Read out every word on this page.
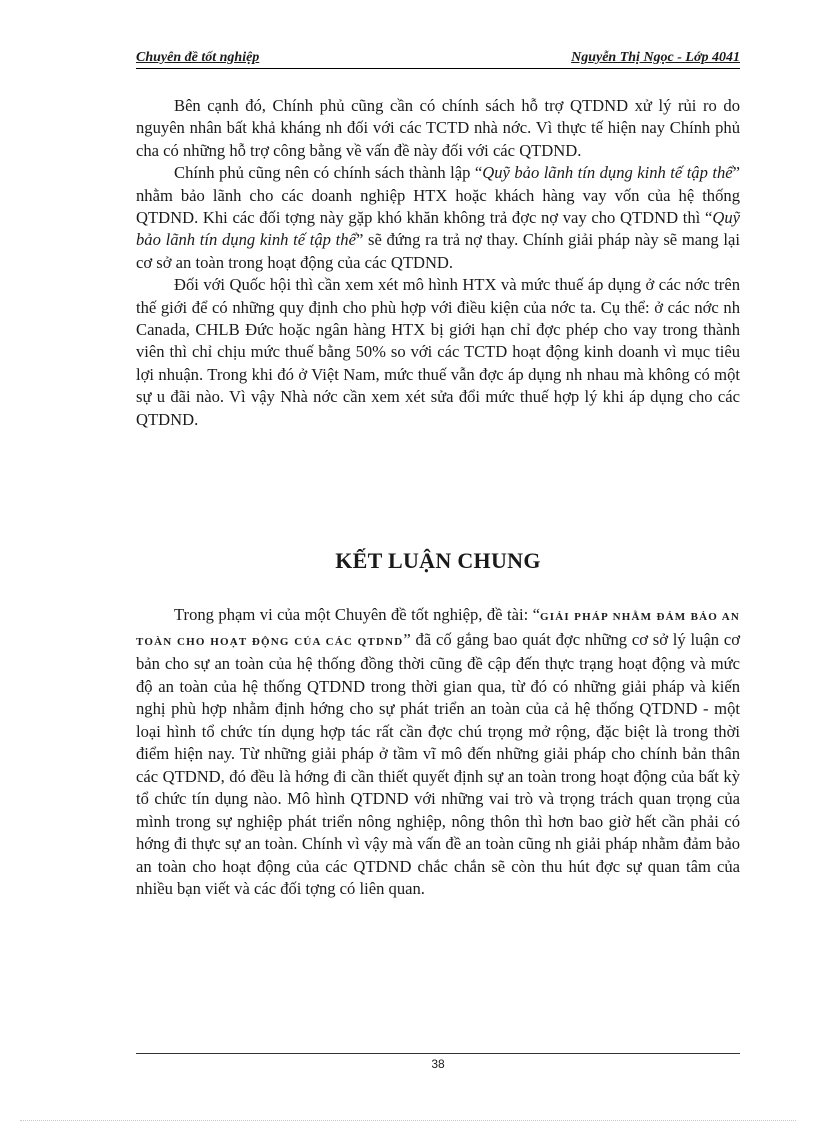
Chuyên đề tốt nghiệp	Nguyễn Thị Ngọc - Lớp 4041

Bên cạnh đó, Chính phủ cũng cần có chính sách hỗ trợ QTDND xử lý rủi ro do nguyên nhân bất khả kháng nh đối với các TCTD nhà nớc. Vì thực tế hiện nay Chính phủ cha có những hỗ trợ công bằng về vấn đề này đối với các QTDND.

Chính phủ cũng nên có chính sách thành lập “Quỹ bảo lãnh tín dụng kinh tế tập thể” nhằm bảo lãnh cho các doanh nghiệp HTX hoặc khách hàng vay vốn của hệ thống QTDND. Khi các đối tợng này gặp khó khăn không trả đợc nợ vay cho QTDND thì “Quỹ bảo lãnh tín dụng kinh tế tập thể” sẽ đứng ra trả nợ thay. Chính giải pháp này sẽ mang lại cơ sở an toàn trong hoạt động của các QTDND.

Đối với Quốc hội thì cần xem xét mô hình HTX và mức thuế áp dụng ở các nớc trên thế giới để có những quy định cho phù hợp với điều kiện của nớc ta. Cụ thể: ở các nớc nh Canada, CHLB Đức hoặc ngân hàng HTX bị giới hạn chỉ đợc phép cho vay trong thành viên thì chỉ chịu mức thuế bằng 50% so với các TCTD hoạt động kinh doanh vì mục tiêu lợi nhuận. Trong khi đó ở Việt Nam, mức thuế vẫn đợc áp dụng nh nhau mà không có một sự u đãi nào. Vì vậy Nhà nớc cần xem xét sửa đổi mức thuế hợp lý khi áp dụng cho các QTDND.

KẾT LUẬN CHUNG

Trong phạm vi của một Chuyên đề tốt nghiệp, đề tài: “GIẢI PHÁP NHẰM ĐẢM BẢO AN TOÀN CHO HOẠT ĐỘNG CỦA CÁC QTDND” đã cố gắng bao quát đợc những cơ sở lý luận cơ bản cho sự an toàn của hệ thống đồng thời cũng đề cập đến thực trạng hoạt động và mức độ an toàn của hệ thống QTDND trong thời gian qua, từ đó có những giải pháp và kiến nghị phù hợp nhằm định hớng cho sự phát triển an toàn của cả hệ thống QTDND - một loại hình tổ chức tín dụng hợp tác rất cần đợc chú trọng mở rộng, đặc biệt là trong thời điểm hiện nay. Từ những giải pháp ở tầm vĩ mô đến những giải pháp cho chính bản thân các QTDND, đó đều là hớng đi cần thiết quyết định sự an toàn trong hoạt động của bất kỳ tổ chức tín dụng nào. Mô hình QTDND với những vai trò và trọng trách quan trọng của mình trong sự nghiệp phát triển nông nghiệp, nông thôn thì hơn bao giờ hết cần phải có hớng đi thực sự an toàn. Chính vì vậy mà vấn đề an toàn cũng nh giải pháp nhằm đảm bảo an toàn cho hoạt động của các QTDND chắc chắn sẽ còn thu hút đợc sự quan tâm của nhiều bạn viết và các đối tợng có liên quan.

38
